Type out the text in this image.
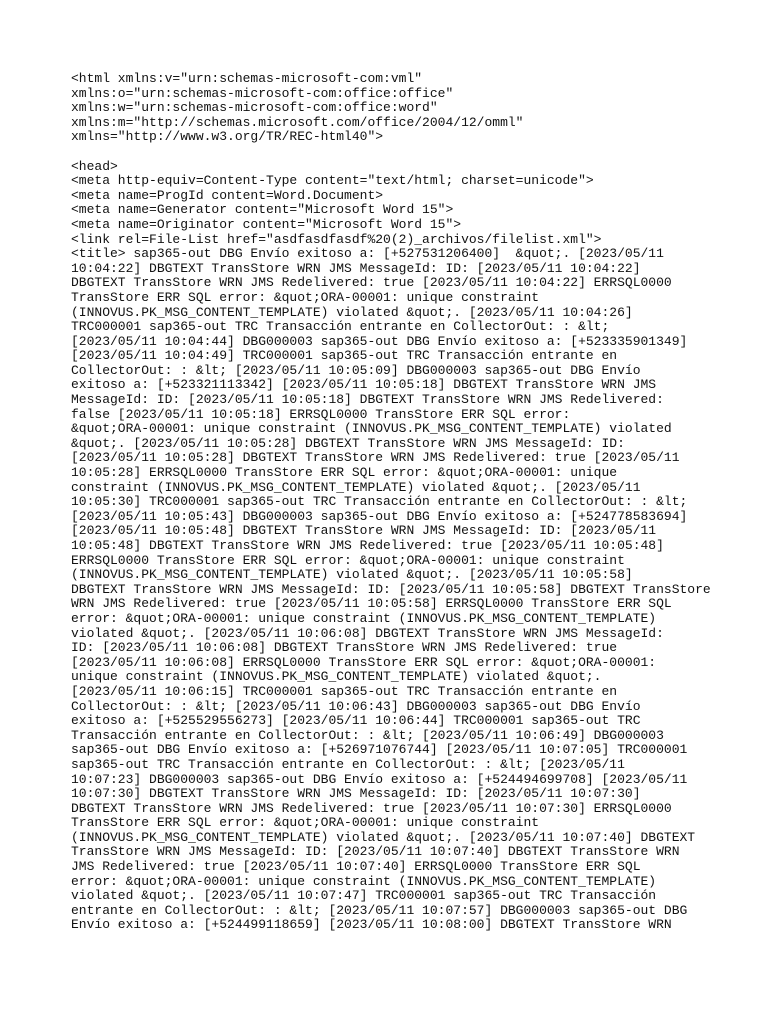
<html xmlns:v="urn:schemas-microsoft-com:vml"
xmlns:o="urn:schemas-microsoft-com:office:office"
xmlns:w="urn:schemas-microsoft-com:office:word"
xmlns:m="http://schemas.microsoft.com/office/2004/12/omml"
xmlns="http://www.w3.org/TR/REC-html40">
<head>
<meta http-equiv=Content-Type content="text/html; charset=unicode">
<meta name=ProgId content=Word.Document>
<meta name=Generator content="Microsoft Word 15">
<meta name=Originator content="Microsoft Word 15">
<link rel=File-List href="asdfasdfasdf%20(2)_archivos/filelist.xml">
<title> sap365-out DBG Envío exitoso a: [+527531206400]  &quot;. [2023/05/11
10:04:22] DBGTEXT TransStore WRN JMS MessageId: ID: [2023/05/11 10:04:22]
DBGTEXT TransStore WRN JMS Redelivered: true [2023/05/11 10:04:22] ERRSQL0000
TransStore ERR SQL error: &quot;ORA-00001: unique constraint
(INNOVUS.PK_MSG_CONTENT_TEMPLATE) violated &quot;. [2023/05/11 10:04:26]
TRC000001 sap365-out TRC Transacción entrante en CollectorOut: : &lt;
[2023/05/11 10:04:44] DBG000003 sap365-out DBG Envío exitoso a: [+523335901349]
[2023/05/11 10:04:49] TRC000001 sap365-out TRC Transacción entrante en
CollectorOut: : &lt; [2023/05/11 10:05:09] DBG000003 sap365-out DBG Envío
exitoso a: [+523321113342] [2023/05/11 10:05:18] DBGTEXT TransStore WRN JMS
MessageId: ID: [2023/05/11 10:05:18] DBGTEXT TransStore WRN JMS Redelivered:
false [2023/05/11 10:05:18] ERRSQL0000 TransStore ERR SQL error:
&quot;ORA-00001: unique constraint (INNOVUS.PK_MSG_CONTENT_TEMPLATE) violated
&quot;. [2023/05/11 10:05:28] DBGTEXT TransStore WRN JMS MessageId: ID:
[2023/05/11 10:05:28] DBGTEXT TransStore WRN JMS Redelivered: true [2023/05/11
10:05:28] ERRSQL0000 TransStore ERR SQL error: &quot;ORA-00001: unique
constraint (INNOVUS.PK_MSG_CONTENT_TEMPLATE) violated &quot;. [2023/05/11
10:05:30] TRC000001 sap365-out TRC Transacción entrante en CollectorOut: : &lt;
[2023/05/11 10:05:43] DBG000003 sap365-out DBG Envío exitoso a: [+524778583694]
[2023/05/11 10:05:48] DBGTEXT TransStore WRN JMS MessageId: ID: [2023/05/11
10:05:48] DBGTEXT TransStore WRN JMS Redelivered: true [2023/05/11 10:05:48]
ERRSQL0000 TransStore ERR SQL error: &quot;ORA-00001: unique constraint
(INNOVUS.PK_MSG_CONTENT_TEMPLATE) violated &quot;. [2023/05/11 10:05:58]
DBGTEXT TransStore WRN JMS MessageId: ID: [2023/05/11 10:05:58] DBGTEXT TransStore
WRN JMS Redelivered: true [2023/05/11 10:05:58] ERRSQL0000 TransStore ERR SQL
error: &quot;ORA-00001: unique constraint (INNOVUS.PK_MSG_CONTENT_TEMPLATE)
violated &quot;. [2023/05/11 10:06:08] DBGTEXT TransStore WRN JMS MessageId:
ID: [2023/05/11 10:06:08] DBGTEXT TransStore WRN JMS Redelivered: true
[2023/05/11 10:06:08] ERRSQL0000 TransStore ERR SQL error: &quot;ORA-00001:
unique constraint (INNOVUS.PK_MSG_CONTENT_TEMPLATE) violated &quot;.
[2023/05/11 10:06:15] TRC000001 sap365-out TRC Transacción entrante en
CollectorOut: : &lt; [2023/05/11 10:06:43] DBG000003 sap365-out DBG Envío
exitoso a: [+525529556273] [2023/05/11 10:06:44] TRC000001 sap365-out TRC
Transacción entrante en CollectorOut: : &lt; [2023/05/11 10:06:49] DBG000003
sap365-out DBG Envío exitoso a: [+526971076744] [2023/05/11 10:07:05] TRC000001
sap365-out TRC Transacción entrante en CollectorOut: : &lt; [2023/05/11
10:07:23] DBG000003 sap365-out DBG Envío exitoso a: [+524494699708] [2023/05/11
10:07:30] DBGTEXT TransStore WRN JMS MessageId: ID: [2023/05/11 10:07:30]
DBGTEXT TransStore WRN JMS Redelivered: true [2023/05/11 10:07:30] ERRSQL0000
TransStore ERR SQL error: &quot;ORA-00001: unique constraint
(INNOVUS.PK_MSG_CONTENT_TEMPLATE) violated &quot;. [2023/05/11 10:07:40] DBGTEXT
TransStore WRN JMS MessageId: ID: [2023/05/11 10:07:40] DBGTEXT TransStore WRN
JMS Redelivered: true [2023/05/11 10:07:40] ERRSQL0000 TransStore ERR SQL
error: &quot;ORA-00001: unique constraint (INNOVUS.PK_MSG_CONTENT_TEMPLATE)
violated &quot;. [2023/05/11 10:07:47] TRC000001 sap365-out TRC Transacción
entrante en CollectorOut: : &lt; [2023/05/11 10:07:57] DBG000003 sap365-out DBG
Envío exitoso a: [+524499118659] [2023/05/11 10:08:00] DBGTEXT TransStore WRN
